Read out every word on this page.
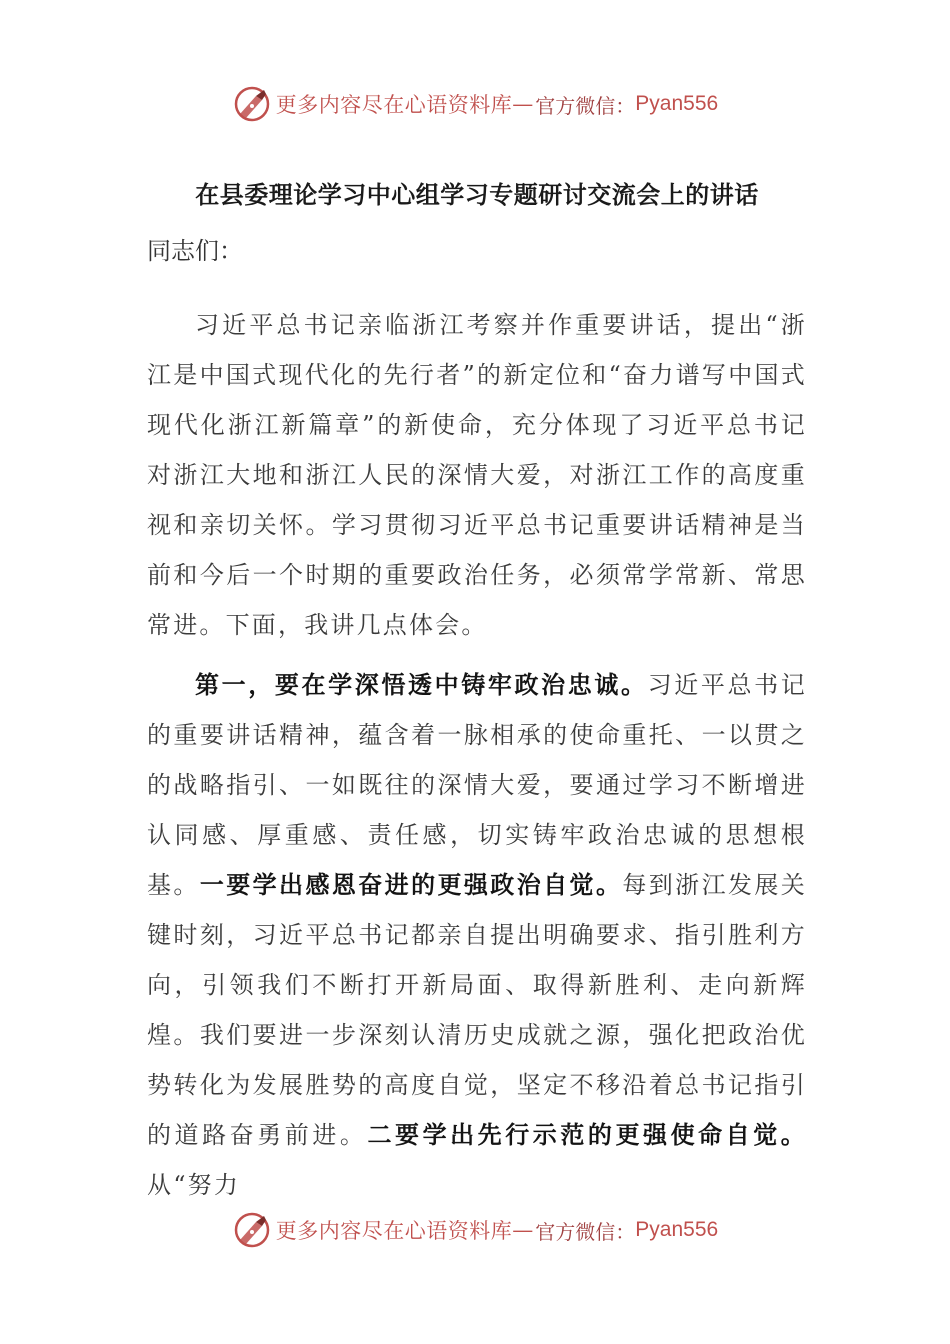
更多内容尽在心语资料库 — 官方微信： Pyan556
在县委理论学习中心组学习专题研讨交流会上的讲话

同志们：

习近平总书记亲临浙江考察并作重要讲话，提出“浙江是中国式现代化的先行者”的新定位和“奋力谱写中国式现代化浙江新篇章”的新使命，充分体现了习近平总书记对浙江大地和浙江人民的深情大爱，对浙江工作的高度重视和亲切关怀。学习贯彻习近平总书记重要讲话精神是当前和今后一个时期的重要政治任务，必须常学常新、常思常进。下面，我讲几点体会。

第一，要在学深悟透中铸牢政治忠诚。习近平总书记的重要讲话精神，蕴含着一脉相承的使命重托、一以贯之的战略指引、一如既往的深情大爱，要通过学习不断增进认同感、厚重感、责任感，切实铸牢政治忠诚的思想根基。一要学出感恩奋进的更强政治自觉。每到浙江发展关键时刻，习近平总书记都亲自提出明确要求、指引胜利方向，引领我们不断打开新局面、取得新胜利、走向新辉煌。我们要进一步深刻认清历史成就之源，强化把政治优势转化为发展胜势的高度自觉，坚定不移沿着总书记指引的道路奋勇前进。二要学出先行示范的更强使命自觉。从“努力

更多内容尽在心语资料库 — 官方微信： Pyan556
